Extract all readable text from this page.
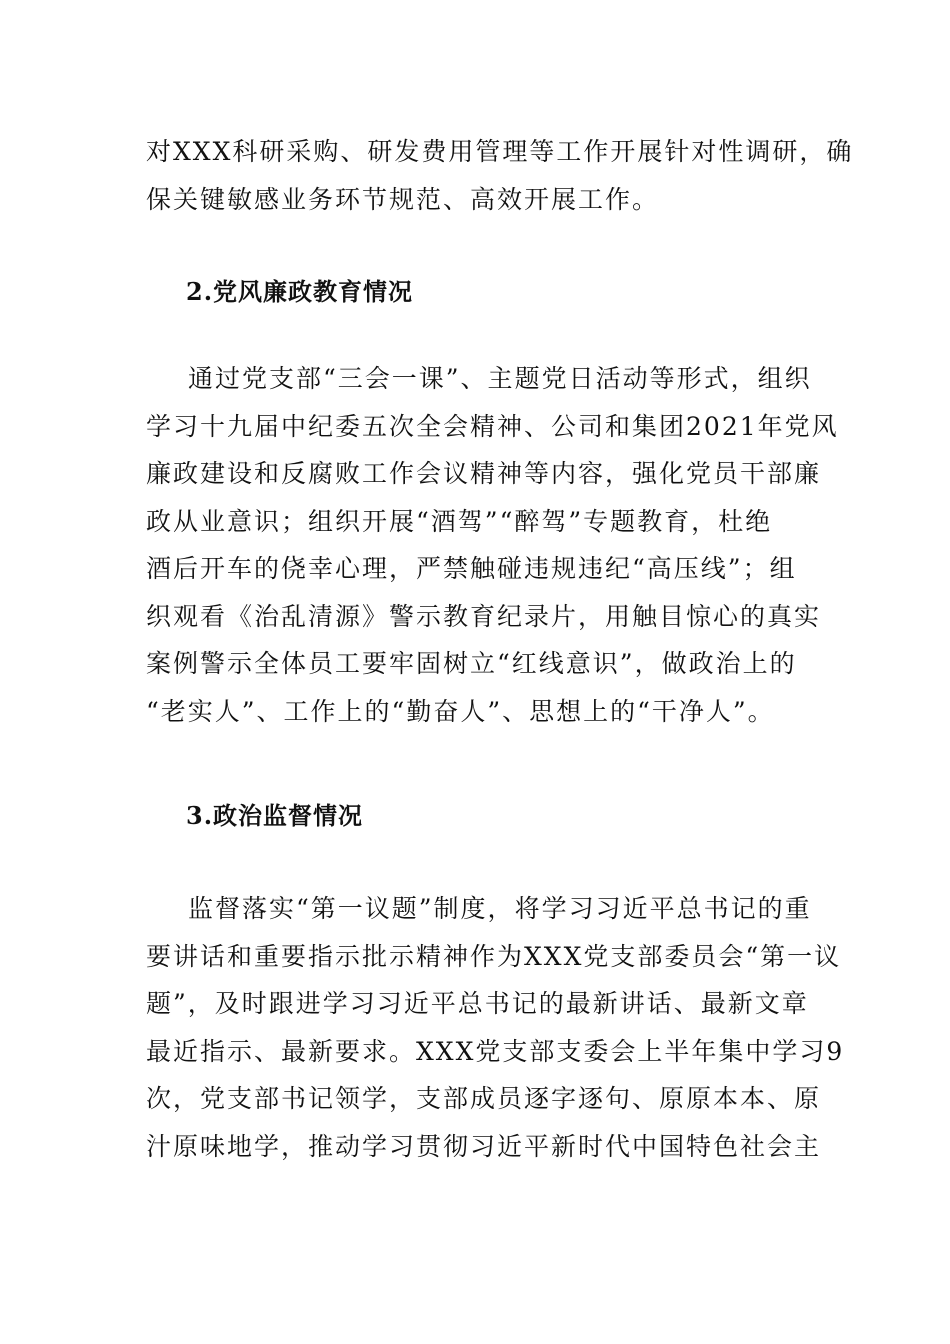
对XXX科研采购、研发费用管理等工作开展针对性调研，确
保关键敏感业务环节规范、高效开展工作。

2.党风廉政教育情况

通过党支部“三会一课”、主题党日活动等形式，组织
学习十九届中纪委五次全会精神、公司和集团2021年党风
廉政建设和反腐败工作会议精神等内容，强化党员干部廉
政从业意识；组织开展“酒驾”“醉驾”专题教育，杜绝
酒后开车的侥幸心理，严禁触碰违规违纪“高压线”；组
织观看《治乱清源》警示教育纪录片，用触目惊心的真实
案例警示全体员工要牢固树立“红线意识”，做政治上的
“老实人”、工作上的“勤奋人”、思想上的“干净人”。

3.政治监督情况

监督落实“第一议题”制度，将学习习近平总书记的重
要讲话和重要指示批示精神作为XXX党支部委员会“第一议
题”，及时跟进学习习近平总书记的最新讲话、最新文章
最近指示、最新要求。XXX党支部支委会上半年集中学习9
次，党支部书记领学，支部成员逐字逐句、原原本本、原
汁原味地学，推动学习贯彻习近平新时代中国特色社会主
